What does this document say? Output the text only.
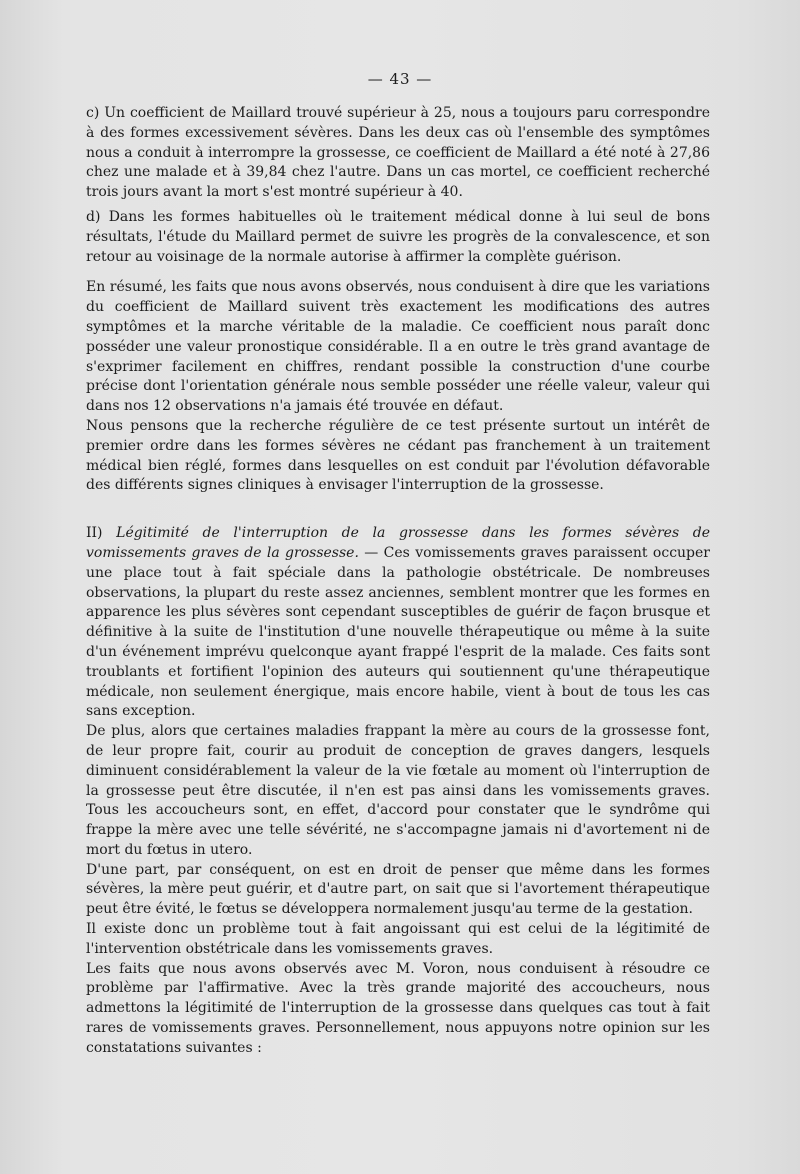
— 43 —

c) Un coefficient de Maillard trouvé supérieur à 25, nous a toujours paru correspondre à des formes excessivement sévères. Dans les deux cas où l'ensemble des symptômes nous a conduit à interrompre la grossesse, ce coefficient de Maillard a été noté à 27,86 chez une malade et à 39,84 chez l'autre. Dans un cas mortel, ce coefficient recherché trois jours avant la mort s'est montré supérieur à 40.

d) Dans les formes habituelles où le traitement médical donne à lui seul de bons résultats, l'étude du Maillard permet de suivre les progrès de la convalescence, et son retour au voisinage de la normale autorise à affirmer la complète guérison.

En résumé, les faits que nous avons observés, nous conduisent à dire que les variations du coefficient de Maillard suivent très exactement les modifications des autres symptômes et la marche véritable de la maladie. Ce coefficient nous paraît donc posséder une valeur pronostique considérable. Il a en outre le très grand avantage de s'exprimer facilement en chiffres, rendant possible la construction d'une courbe précise dont l'orientation générale nous semble posséder une réelle valeur, valeur qui dans nos 12 observations n'a jamais été trouvée en défaut.

Nous pensons que la recherche régulière de ce test présente surtout un intérêt de premier ordre dans les formes sévères ne cédant pas franchement à un traitement médical bien réglé, formes dans lesquelles on est conduit par l'évolution défavorable des différents signes cliniques à envisager l'interruption de la grossesse.

II) Légitimité de l'interruption de la grossesse dans les formes sévères de vomissements graves de la grossesse. — Ces vomissements graves paraissent occuper une place tout à fait spéciale dans la pathologie obstétricale. De nombreuses observations, la plupart du reste assez anciennes, semblent montrer que les formes en apparence les plus sévères sont cependant susceptibles de guérir de façon brusque et définitive à la suite de l'institution d'une nouvelle thérapeutique ou même à la suite d'un événement imprévu quelconque ayant frappé l'esprit de la malade. Ces faits sont troublants et fortifient l'opinion des auteurs qui soutiennent qu'une thérapeutique médicale, non seulement énergique, mais encore habile, vient à bout de tous les cas sans exception.

De plus, alors que certaines maladies frappant la mère au cours de la grossesse font, de leur propre fait, courir au produit de conception de graves dangers, lesquels diminuent considérablement la valeur de la vie fœtale au moment où l'interruption de la grossesse peut être discutée, il n'en est pas ainsi dans les vomissements graves. Tous les accoucheurs sont, en effet, d'accord pour constater que le syndrôme qui frappe la mère avec une telle sévérité, ne s'accompagne jamais ni d'avortement ni de mort du fœtus in utero.

D'une part, par conséquent, on est en droit de penser que même dans les formes sévères, la mère peut guérir, et d'autre part, on sait que si l'avortement thérapeutique peut être évité, le fœtus se développera normalement jusqu'au terme de la gestation.

Il existe donc un problème tout à fait angoissant qui est celui de la légitimité de l'intervention obstétricale dans les vomissements graves.

Les faits que nous avons observés avec M. Voron, nous conduisent à résoudre ce problème par l'affirmative. Avec la très grande majorité des accoucheurs, nous admettons la légitimité de l'interruption de la grossesse dans quelques cas tout à fait rares de vomissements graves. Personnellement, nous appuyons notre opinion sur les constatations suivantes :
